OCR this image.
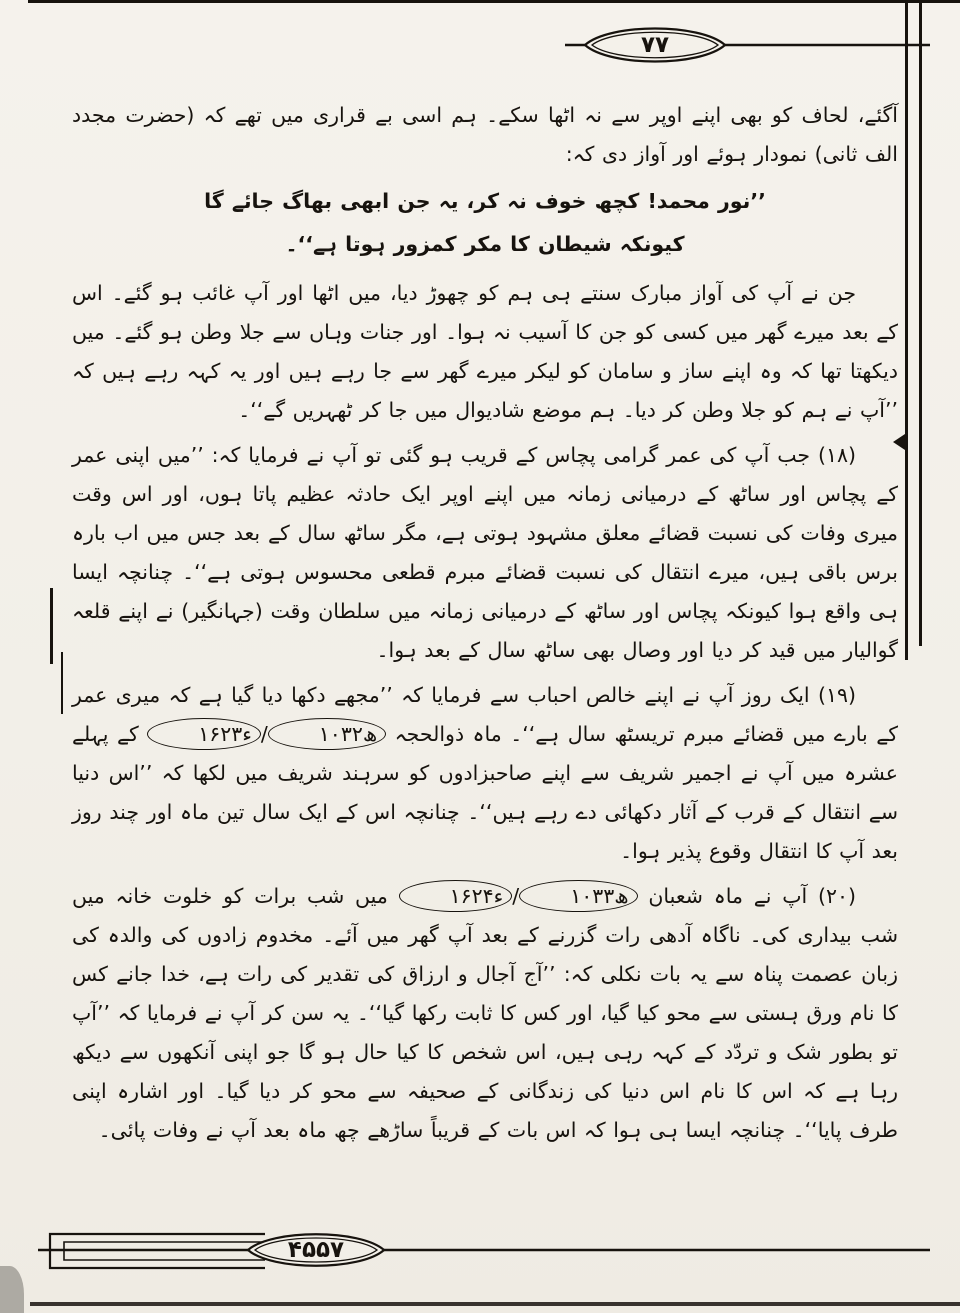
۷۷

آگئے، لحاف کو بھی اپنے اوپر سے نہ اٹھا سکے۔ ہم اسی بے قراری میں تھے کہ (حضرت مجدد الف ثانی) نمودار ہوئے اور آواز دی کہ:

’’نور محمد! کچھ خوف نہ کر، یہ جن ابھی بھاگ جائے گا کیونکہ شیطان کا مکر کمزور ہوتا ہے‘‘۔

جن نے آپ کی آواز مبارک سنتے ہی ہم کو چھوڑ دیا، میں اٹھا اور آپ غائب ہو گئے۔ اس کے بعد میرے گھر میں کسی کو جن کا آسیب نہ ہوا۔ اور جنات وہاں سے جلا وطن ہو گئے۔ میں دیکھتا تھا کہ وہ اپنے ساز و سامان کو لیکر میرے گھر سے جا رہے ہیں اور یہ کہہ رہے ہیں کہ ’’آپ نے ہم کو جلا وطن کر دیا۔ ہم موضع شادیوال میں جا کر ٹھہریں گے‘‘۔

(۱۸) جب آپ کی عمر گرامی پچاس کے قریب ہو گئی تو آپ نے فرمایا کہ: ’’میں اپنی عمر کے پچاس اور ساٹھ کے درمیانی زمانہ میں اپنے اوپر ایک حادثہ عظیم پاتا ہوں، اور اس وقت میری وفات کی نسبت قضائے معلق مشہود ہوتی ہے، مگر ساٹھ سال کے بعد جس میں اب بارہ برس باقی ہیں، میرے انتقال کی نسبت قضائے مبرم قطعی محسوس ہوتی ہے‘‘۔ چنانچہ ایسا ہی واقع ہوا کیونکہ پچاس اور ساٹھ کے درمیانی زمانہ میں سلطان وقت (جہانگیر) نے اپنے قلعہ گوالیار میں قید کر دیا اور وصال بھی ساٹھ سال کے بعد ہوا۔

(۱۹) ایک روز آپ نے اپنے خالص احباب سے فرمایا کہ ’’مجھے دکھا دیا گیا ہے کہ میری عمر کے بارے میں قضائے مبرم تریسٹھ سال ہے‘‘۔ ماہ ذوالحجہ ۱۰۳۲ھ/۱۶۲۳ء کے پہلے عشرہ میں آپ نے اجمیر شریف سے اپنے صاحبزادوں کو سرہند شریف میں لکھا کہ ’’اس دنیا سے انتقال کے قرب کے آثار دکھائی دے رہے ہیں‘‘۔ چنانچہ اس کے ایک سال تین ماہ اور چند روز بعد آپ کا انتقال وقوع پذیر ہوا۔

(۲۰) آپ نے ماہ شعبان ۱۰۳۳ھ/۱۶۲۴ء میں شب برات کو خلوت خانہ میں شب بیداری کی۔ ناگاہ آدھی رات گزرنے کے بعد آپ گھر میں آئے۔ مخدوم زادوں کی والدہ کی زبان عصمت پناہ سے یہ بات نکلی کہ: ’’آج آجال و ارزاق کی تقدیر کی رات ہے، خدا جانے کس کا نام ورق ہستی سے محو کیا گیا، اور کس کا ثابت رکھا گیا‘‘۔ یہ سن کر آپ نے فرمایا کہ ’’آپ تو بطور شک و تردّد کے کہہ رہی ہیں، اس شخص کا کیا حال ہو گا جو اپنی آنکھوں سے دیکھ رہا ہے کہ اس کا نام اس دنیا کی زندگانی کے صحیفہ سے محو کر دیا گیا۔ اور اشارہ اپنی طرف پایا‘‘۔ چنانچہ ایسا ہی ہوا کہ اس بات کے قریباً ساڑھے چھ ماہ بعد آپ نے وفات پائی۔

۴۵۵۷
